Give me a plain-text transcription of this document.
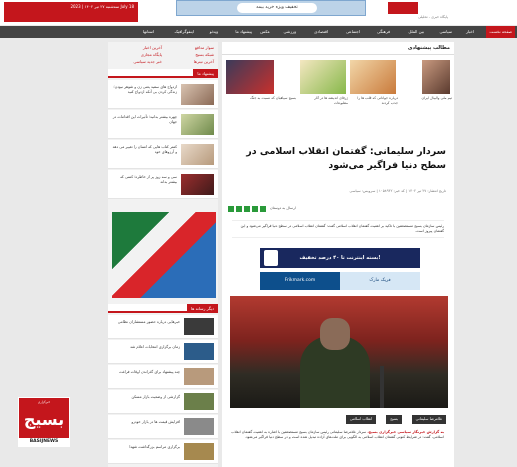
سه‌شنبه ۲۷ تیر ۱۴۰۲ | 2023 July 18	تخفیف ویژه خرید بیمه
پایگاه خبری - تحلیلی
صفحه نخست
اخبار
سیاسی
بین الملل
فرهنگی
اجتماعی
اقتصادی
ورزشی
عکس
پیشنهاد ما
ویدئو
اینفوگرافیک
استانها
سوار مدافع
آخرین اخبار
شبکه بسیج
پایگاه مجازی
آخرین تیترها
خبر جدید سیاسی
پیشنهاد ما
ازدواج های سفید یعنی زن و شوهر نبودن؛ زندگی کردن بی آنکه ازدواج کنید
چهره بیشتر بدانید؛ تأثیرات این اقدامات در جهان
کمتر کتاب هایی که انسان را تغییر می دهد و آرزوهای خود
سی و سه روز پر از خاطره؛ کسی که بیشتر بداند
دیگر رسانه ها
خبرهایی درباره حضور مستشاران نظامی
زمان برگزاری انتخابات اعلام شد
چند پیشنهاد برای گذراندن اوقات فراغت
گزارشی از وضعیت بازار مسکن
افزایش قیمت ها در بازار خودرو
برگزاری مراسم بزرگداشت شهدا
مطالب پیشنهادی
بسیج سپاهیان که نسبت به جنگ	ژرفای اندیشه ها در آثار مطبوعات
درباره جوانانی که قلب ها را جذب کردند
تیم ملی والیبال ایران
سردار سلیمانی: گفتمان انقلاب اسلامی در سطح دنیا فراگیر می‌شود
تاریخ انتشار: ۲۷ تیر ۱۴۰۲ | کد خبر: ۱۰۵۸۹۴۲ | سرویس: سیاسی
ارسال به دوستان
رئیس سازمان بسیج مستضعفین با تاکید بر اهمیت گفتمان انقلاب اسلامی گفت: گفتمان انقلاب اسلامی در سطح دنیا فراگیر می‌شود و این گفتمان پیروز است.
بسته اینترنت تا ۴۰ درصد تخفیف!
Frikmark.com	فریک مارک
غلامرضا سلیمانی
بسیج
انقلاب اسلامی
به گزارش خبرنگار سیاسی خبرگزاری بسیج، سردار غلامرضا سلیمانی رئیس سازمان بسیج مستضعفین با اشاره به اهمیت گفتمان انقلاب اسلامی، گفت: در شرایط کنونی گفتمان انقلاب اسلامی به الگویی برای ملت‌های آزاده تبدیل شده است و در سطح دنیا فراگیر می‌شود.
خبرگزاری
بسیج
BASIJNEWS
